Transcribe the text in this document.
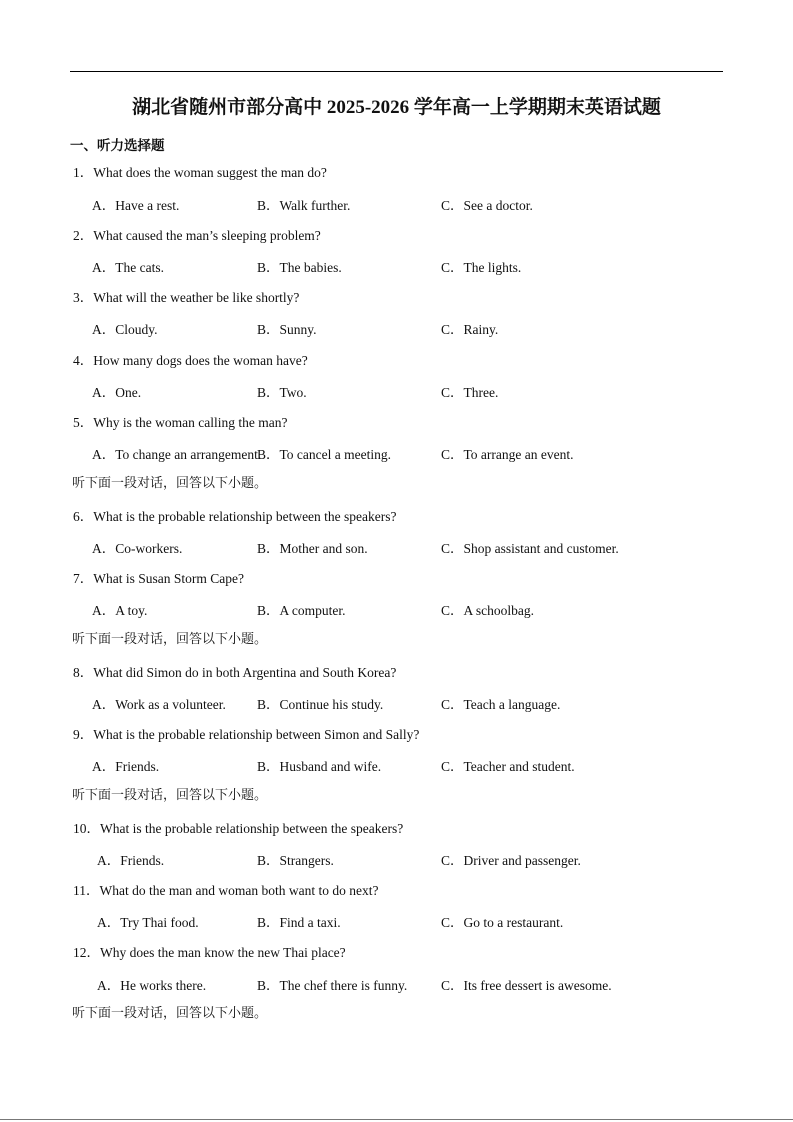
湖北省随州市部分高中 2025-2026 学年高一上学期期末英语试题
一、听力选择题
1．What does the woman suggest the man do?
A．Have a rest.	B．Walk further.	C．See a doctor.
2．What caused the man’s sleeping problem?
A．The cats.	B．The babies.	C．The lights.
3．What will the weather be like shortly?
A．Cloudy.	B．Sunny.	C．Rainy.
4．How many dogs does the woman have?
A．One.	B．Two.	C．Three.
5．Why is the woman calling the man?
A．To change an arrangement.
B．To cancel a meeting.	C．To arrange an event.
听下面一段对话，回答以下小题。
6．What is the probable relationship between the speakers?
A．Co-workers.	B．Mother and son.	C．Shop assistant and customer.
7．What is Susan Storm Cape?
A．A toy.	B．A computer.	C．A schoolbag.
听下面一段对话，回答以下小题。
8．What did Simon do in both Argentina and South Korea?
A．Work as a volunteer. B．Continue his study.	C．Teach a language.
9．What is the probable relationship between Simon and Sally?
A．Friends.	B．Husband and wife.	C．Teacher and student.
听下面一段对话，回答以下小题。
10．What is the probable relationship between the speakers?
A．Friends.	B．Strangers.	C．Driver and passenger.
11．What do the man and woman both want to do next?
A．Try Thai food.	B．Find a taxi.	C．Go to a restaurant.
12．Why does the man know the new Thai place?
A．He works there.	B．The chef there is funny.	C．Its free dessert is awesome.
听下面一段对话，回答以下小题。
